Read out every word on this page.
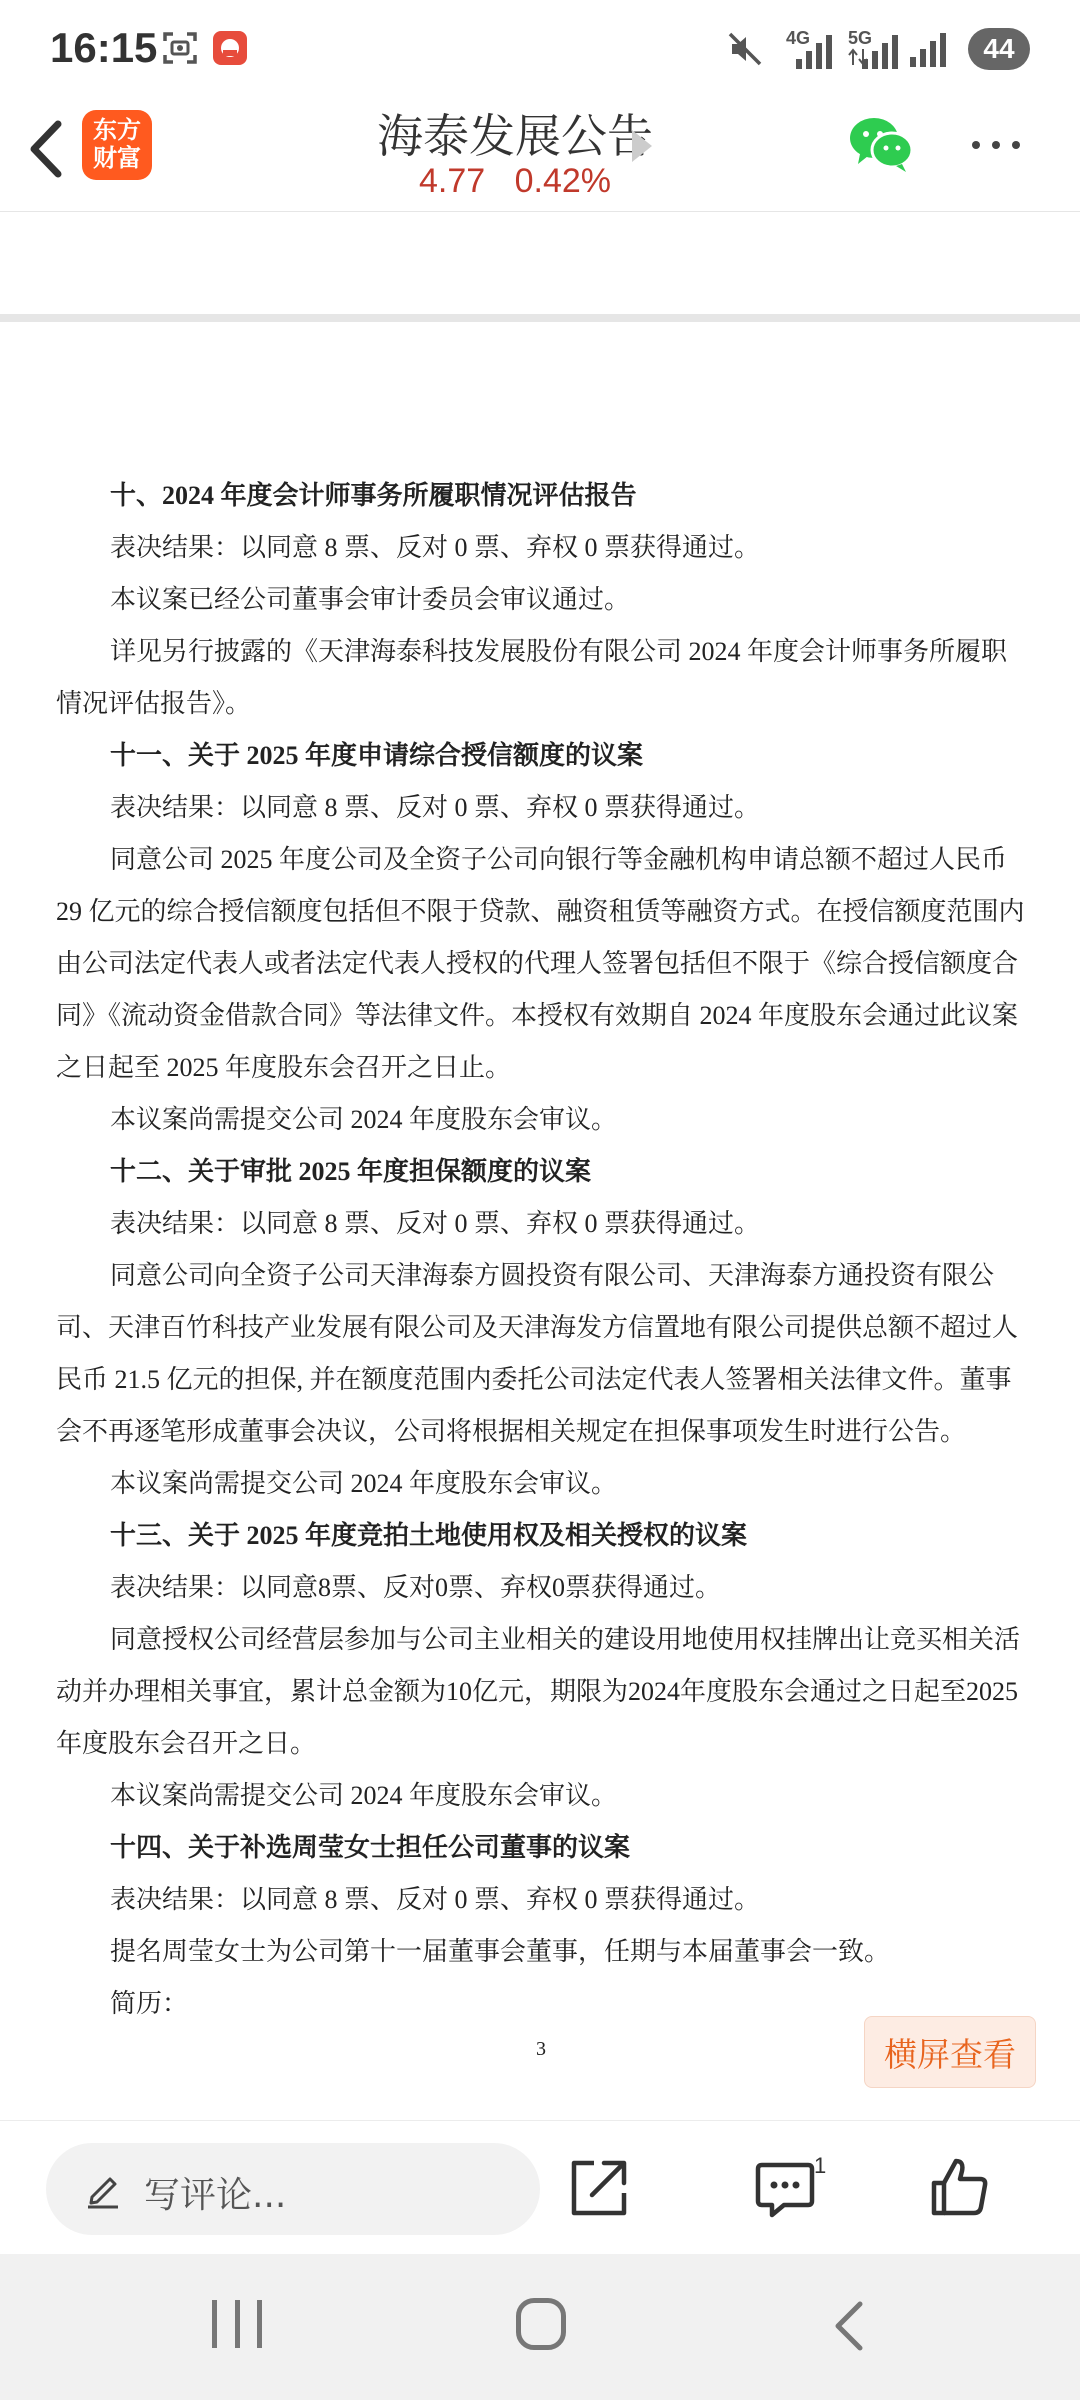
16:15	4G 5G	44
东方财富	海泰发展公告
4.77 0.42%

十、2024 年度会计师事务所履职情况评估报告

表决结果：以同意 8 票、反对 0 票、弃权 0 票获得通过。

本议案已经公司董事会审计委员会审议通过。

详见另行披露的《天津海泰科技发展股份有限公司 2024 年度会计师事务所履职情况评估报告》。

十一、关于 2025 年度申请综合授信额度的议案

表决结果：以同意 8 票、反对 0 票、弃权 0 票获得通过。

同意公司 2025 年度公司及全资子公司向银行等金融机构申请总额不超过人民币 29 亿元的综合授信额度包括但不限于贷款、融资租赁等融资方式。在授信额度范围内由公司法定代表人或者法定代表人授权的代理人签署包括但不限于《综合授信额度合同》《流动资金借款合同》等法律文件。本授权有效期自 2024 年度股东会通过此议案之日起至 2025 年度股东会召开之日止。

本议案尚需提交公司 2024 年度股东会审议。

十二、关于审批 2025 年度担保额度的议案

表决结果：以同意 8 票、反对 0 票、弃权 0 票获得通过。

同意公司向全资子公司天津海泰方圆投资有限公司、天津海泰方通投资有限公司、天津百竹科技产业发展有限公司及天津海发方信置地有限公司提供总额不超过人民币 21.5 亿元的担保, 并在额度范围内委托公司法定代表人签署相关法律文件。董事会不再逐笔形成董事会决议，公司将根据相关规定在担保事项发生时进行公告。

本议案尚需提交公司 2024 年度股东会审议。

十三、关于 2025 年度竞拍土地使用权及相关授权的议案

表决结果：以同意8票、反对0票、弃权0票获得通过。

同意授权公司经营层参加与公司主业相关的建设用地使用权挂牌出让竞买相关活动并办理相关事宜，累计总金额为10亿元，期限为2024年度股东会通过之日起至2025年度股东会召开之日。

本议案尚需提交公司 2024 年度股东会审议。

十四、关于补选周莹女士担任公司董事的议案

表决结果：以同意 8 票、反对 0 票、弃权 0 票获得通过。

提名周莹女士为公司第十一届董事会董事，任期与本届董事会一致。

简历：

3	横屏查看
写评论...
1
